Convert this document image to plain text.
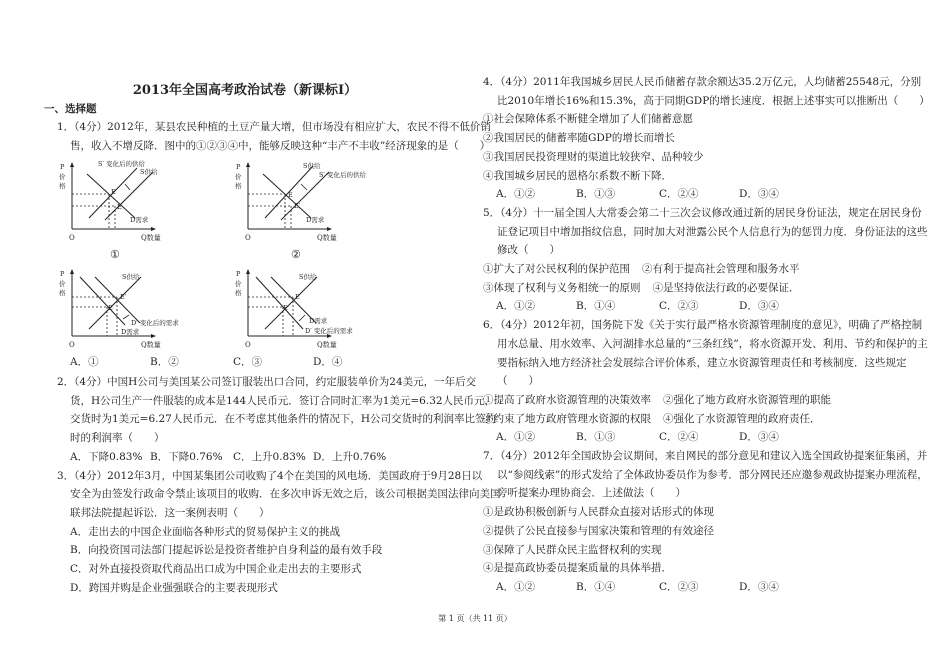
2013年全国高考政治试卷（新课标I）
一、选择题
1．（4分）2012年，某县农民种植的土豆产量大增，但市场没有相应扩大，农民不得不低价销
售，收入不增反降．图中的①②③④中，能够反映这种“丰产不丰收”经济现象的是（　　）
A．①	B．②	C．③	D．④
2．（4分）中国H公司与美国某公司签订服装出口合同，约定服装单价为24美元，一年后交
货，H公司生产一件服装的成本是144人民币元．签订合同时汇率为1美元=6.32人民币元，
交货时为1美元=6.27人民币元．在不考虑其他条件的情况下，H公司交货时的利润率比签约
时的利润率（　　）
A．下降0.83% B．下降0.76% C．上升0.83% D．上升0.76%
3．（4分）2012年3月，中国某集团公司收购了4个在美国的风电场．美国政府于9月28日以
安全为由签发行政命令禁止该项目的收购．在多次申诉无效之后，该公司根据美国法律向美国
联邦法院提起诉讼．这一案例表明（　　）
A．走出去的中国企业面临各种形式的贸易保护主义的挑战
B．向投资国司法部门提起诉讼是投资者维护自身利益的最有效手段
C．对外直接投资取代商品出口成为中国企业走出去的主要形式
D．跨国并购是企业强强联合的主要表现形式
4．（4分）2011年我国城乡居民人民币储蓄存款余额达35.2万亿元，人均储蓄25548元，分别
比2010年增长16%和15.3%，高于同期GDP的增长速度．根据上述事实可以推断出（　　）
①社会保障体系不断健全增加了人们储蓄意愿
②我国居民的储蓄率随GDP的增长而增长
③我国居民投资理财的渠道比较狭窄、品种较少
④我国城乡居民的恩格尔系数不断下降．
A．①②	B．①③	C．②④	D．③④
5．（4分）十一届全国人大常委会第二十三次会议修改通过新的居民身份证法，规定在居民身份
证登记项目中增加指纹信息，同时加大对泄露公民个人信息行为的惩罚力度．身份证法的这些
修改（　　）
①扩大了对公民权利的保护范围 ②有利于提高社会管理和服务水平
③体现了权利与义务相统一的原则 ④是坚持依法行政的必要保证．
A．①②	B．①④	C．②③	D．③④
6．（4分）2012年初，国务院下发《关于实行最严格水资源管理制度的意见》，明确了严格控制
用水总量、用水效率、入河湖排水总量的“三条红线”，将水资源开发、利用、节约和保护的主
要指标纳入地方经济社会发展综合评价体系，建立水资源管理责任和考核制度．这些规定
（　　）
①提高了政府水资源管理的决策效率 ②强化了地方政府水资源管理的职能
③约束了地方政府管理水资源的权限 ④强化了水资源管理的政府责任．
A．①②	B．①③	C．②④	D．③④
7．（4分）2012年全国政协会议期间，来自网民的部分意见和建议入选全国政协提案征集函，并
以“参阅线索”的形式发给了全体政协委员作为参考．部分网民还应邀参观政协提案办理流程，
旁听提案办理协商会．上述做法（　　）
①是政协积极创新与人民群众直接对话形式的体现
②提供了公民直接参与国家决策和管理的有效途径
③保障了人民群众民主监督权利的实现
④是提高政协委员提案质量的具体举措．
A．①②	B．①④	C．②③	D．③④
P
价
格
O	Q数量
S′ 变化后的供给
S供给
E′
E
D需求
①
P
价
格
O	Q数量
S供给
S′ 变化后的供给
E
E′
D需求
②
P
价
格
O	Q数量
S供给
E′
E
D′ 变化后的需求
D需求
P
价
格
O	Q数量
S供给
E
E′
D需求
D′ 变化后的需求
第 1 页（共 11 页）
